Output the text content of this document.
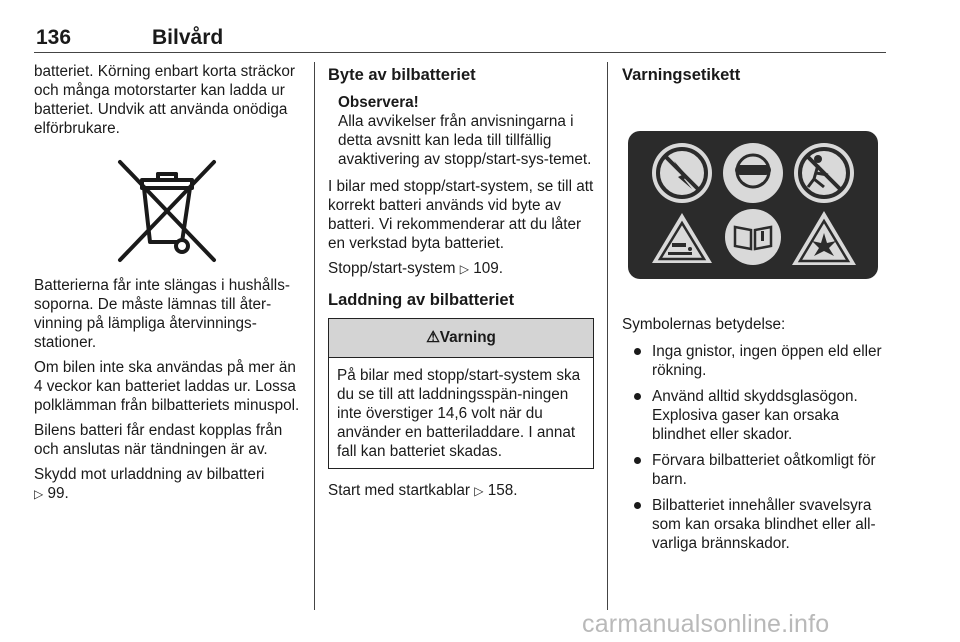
136	Bilvård

batteriet. Körning enbart korta sträckor och många motorstarter kan ladda ur batteriet. Undvik att använda onödiga elförbrukare.

Batterierna får inte slängas i hushålls-soporna. De måste lämnas till åter-vinning på lämpliga återvinnings-stationer.

Om bilen inte ska användas på mer än 4 veckor kan batteriet laddas ur. Lossa polklämman från bilbatteriets minuspol.

Bilens batteri får endast kopplas från och anslutas när tändningen är av.

Skydd mot urladdning av bilbatteri
▷ 99.

Byte av bilbatteriet
Observera!
Alla avvikelser från anvisningarna i detta avsnitt kan leda till tillfällig avaktivering av stopp/start-sys-temet.

I bilar med stopp/start-system, se till att korrekt batteri används vid byte av batteri. Vi rekommenderar att du låter en verkstad byta batteriet.

Stopp/start-system ▷ 109.

Laddning av bilbatteriet
⚠Varning
På bilar med stopp/start-system ska du se till att laddningsspän-ningen inte överstiger 14,6 volt när du använder en batteriladdare. I annat fall kan batteriet skadas.

Start med startkablar ▷ 158.

Varningsetikett

Symbolernas betydelse:

Inga gnistor, ingen öppen eld eller rökning.
Använd alltid skyddsglasögon. Explosiva gaser kan orsaka blindhet eller skador.
Förvara bilbatteriet oåtkomligt för barn.
Bilbatteriet innehåller svavelsyra som kan orsaka blindhet eller all-varliga brännskador.
carmanualsonline.info
